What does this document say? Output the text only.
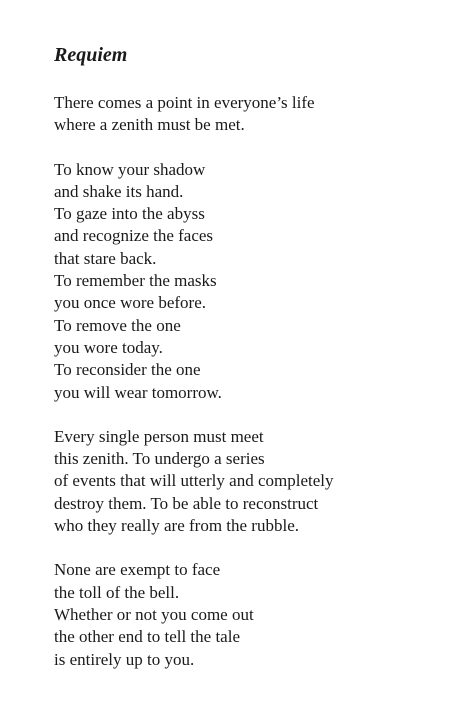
Requiem
There comes a point in everyone’s life
where a zenith must be met.
To know your shadow
and shake its hand.
To gaze into the abyss
and recognize the faces
that stare back.
To remember the masks
you once wore before.
To remove the one
you wore today.
To reconsider the one
you will wear tomorrow.
Every single person must meet
this zenith. To undergo a series
of events that will utterly and completely
destroy them. To be able to reconstruct
who they really are from the rubble.
None are exempt to face
the toll of the bell.
Whether or not you come out
the other end to tell the tale
is entirely up to you.
